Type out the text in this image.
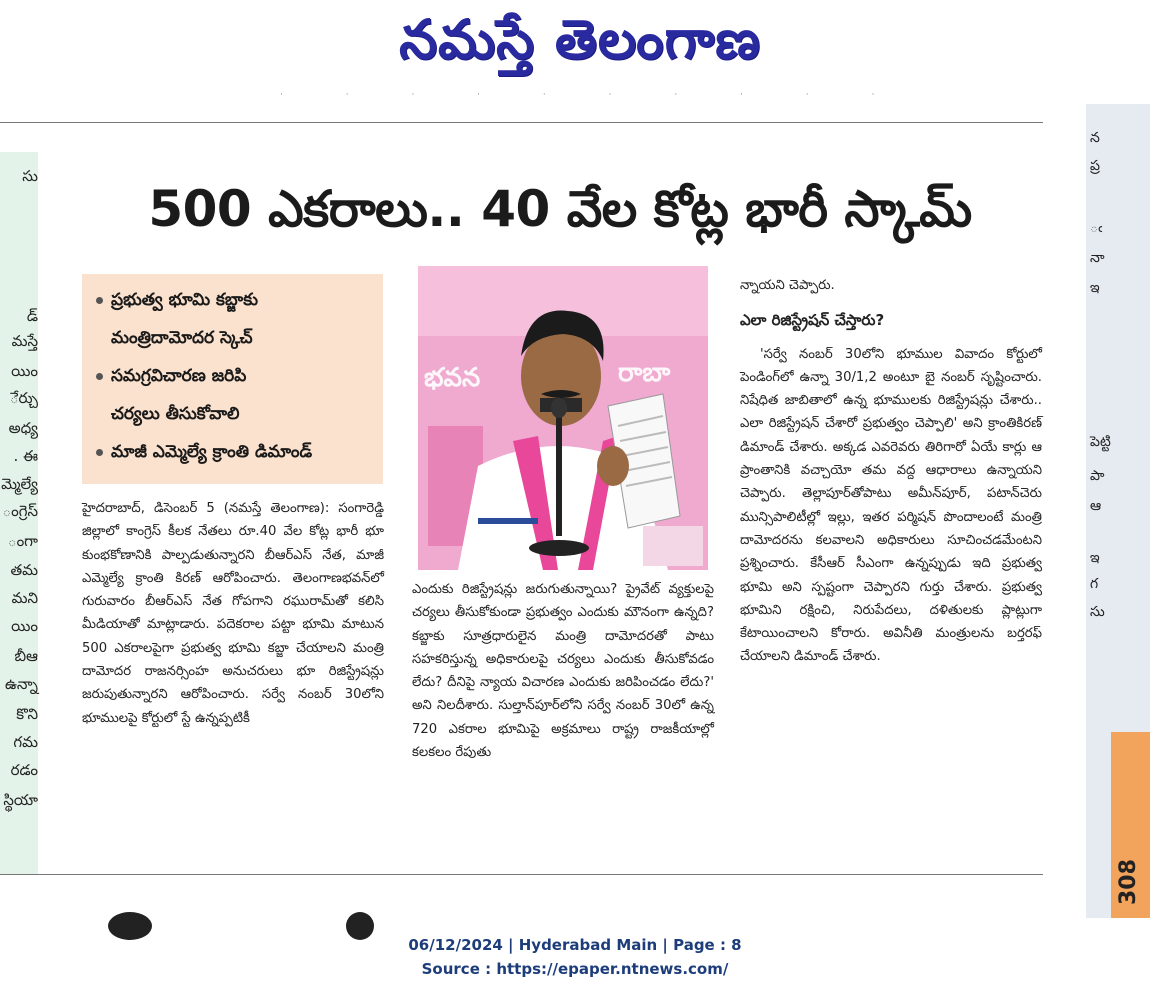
నమస్తే తెలంగాణ
· · · · · · · · · ·
సు
డ్
మస్తే
యిం
ేర్చు
అధ్య
. ఈ
మ్మెల్యే
ంగ్రెస్
ంగా
తమ
మని
యిం
బీఆ
ఉన్నా
కొని
గమ
రడం
స్థియా
న
ప్ర
ఁ
నా
ఇ
పెట్టి
పా
ఆ
ఇ
గ
సు
308
500 ఎకరాలు.. 40 వేల కోట్ల భారీ స్కామ్
ప్రభుత్వ భూమి కబ్జాకు
మంత్రిదామోదర స్కెచ్
సమగ్రవిచారణ జరిపి
చర్యలు తీసుకోవాలి
మాజీ ఎమ్మెల్యే క్రాంతి డిమాండ్

హైదరాబాద్, డిసెంబర్ 5 (నమస్తే తెలంగాణ): సంగారెడ్డి జిల్లాలో కాంగ్రెస్ కీలక నేతలు రూ.40 వేల కోట్ల భారీ భూ కుంభకోణానికి పాల్పడుతున్నారని బీఆర్ఎస్ నేత, మాజీ ఎమ్మెల్యే క్రాంతి కిరణ్ ఆరోపించారు. తెలంగాణభవన్‌లో గురువారం బీఆర్ఎస్ నేత గోపగాని రఘురామ్‌తో కలిసి మీడియాతో మాట్లాడారు. పదెకరాల పట్టా భూమి మాటున 500 ఎకరాలపైగా ప్రభుత్వ భూమి కబ్జా చేయాలని మంత్రి దామోదర రాజనర్సింహ అనుచరులు భూ రిజిస్ట్రేషన్లు జరుపుతున్నారని ఆరోపించారు. సర్వే నంబర్ 30లోని భూములపై కోర్టులో స్టే ఉన్నప్పటికీ

భవన	రాబా

ఎందుకు రిజిస్ట్రేషన్లు జరుగుతున్నాయి? ప్రైవేట్ వ్యక్తులపై చర్యలు తీసుకోకుండా ప్రభుత్వం ఎందుకు మౌనంగా ఉన్నది? కబ్జాకు సూత్రధారులైన మంత్రి దామోదరతో పాటు సహకరిస్తున్న అధికారులపై చర్యలు ఎందుకు తీసుకోవడం లేదు? దీనిపై న్యాయ విచారణ ఎందుకు జరిపించడం లేదు?' అని నిలదీశారు. సుల్తాన్‌పూర్‌లోని సర్వే నంబర్ 30లో ఉన్న 720 ఎకరాల భూమిపై అక్రమాలు రాష్ట్ర రాజకీయాల్లో కలకలం రేపుతు

న్నాయని చెప్పారు.

ఎలా రిజిస్ట్రేషన్ చేస్తారు?

'సర్వే నంబర్ 30లోని భూముల వివాదం కోర్టులో పెండింగ్‌లో ఉన్నా 30/1,2 అంటూ బై నంబర్ సృష్టించారు. నిషేధిత జాబితాలో ఉన్న భూములకు రిజిస్ట్రేషన్లు చేశారు.. ఎలా రిజిస్ట్రేషన్ చేశారో ప్రభుత్వం చెప్పాలి' అని క్రాంతికిరణ్ డిమాండ్ చేశారు. అక్కడ ఎవరెవరు తిరిగారో ఏయే కార్లు ఆ ప్రాంతానికి వచ్చాయో తమ వద్ద ఆధారాలు ఉన్నాయని చెప్పారు. తెల్లాపూర్‌తోపాటు అమీన్‌పూర్, పటాన్‌చెరు మున్సిపాలిటీల్లో ఇల్లు, ఇతర పర్మిషన్ పొందాలంటే మంత్రి దామోదరను కలవాలని అధికారులు సూచించడమేంటని ప్రశ్నించారు. కేసీఆర్ సీఎంగా ఉన్నప్పుడు ఇది ప్రభుత్వ భూమి అని స్పష్టంగా చెప్పారని గుర్తు చేశారు. ప్రభుత్వ భూమిని రక్షించి, నిరుపేదలు, దళితులకు ప్లాట్లుగా కేటాయించాలని కోరారు. అవినీతి మంత్రులను బర్తరఫ్ చేయాలని డిమాండ్ చేశారు.

06/12/2024 | Hyderabad Main | Page : 8
Source : https://epaper.ntnews.com/
